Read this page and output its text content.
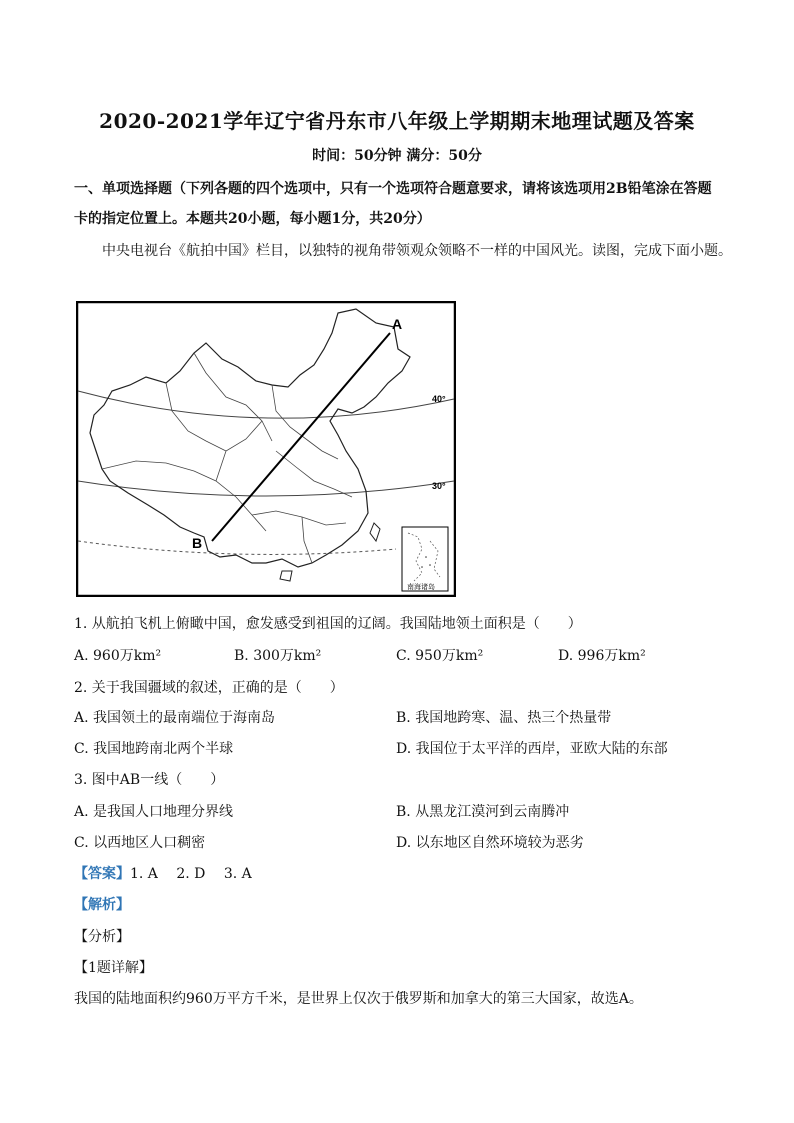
2020-2021学年辽宁省丹东市八年级上学期期末地理试题及答案
时间：50分钟 满分：50分
一、单项选择题（下列各题的四个选项中，只有一个选项符合题意要求，请将该选项用2B铅笔涂在答题
卡的指定位置上。本题共20小题，每小题1分，共20分）
中央电视台《航拍中国》栏目，以独特的视角带领观众领略不一样的中国风光。读图，完成下面小题。
A
B
40°
30°
南海诸岛
1. 从航拍飞机上俯瞰中国，愈发感受到祖国的辽阔。我国陆地领土面积是（　　）
A. 960万km²	B. 300万km²	C. 950万km²	D. 996万km²
2. 关于我国疆域的叙述，正确的是（　　）
A. 我国领土的最南端位于海南岛	B. 我国地跨寒、温、热三个热量带
C. 我国地跨南北两个半球	D. 我国位于太平洋的西岸，亚欧大陆的东部
3. 图中AB一线（　　）
A. 是我国人口地理分界线	B. 从黑龙江漠河到云南腾冲
C. 以西地区人口稠密	D. 以东地区自然环境较为恶劣
【答案】1. A　 2. D　 3. A
【解析】
【分析】
【1题详解】
我国的陆地面积约960万平方千米，是世界上仅次于俄罗斯和加拿大的第三大国家，故选A。
